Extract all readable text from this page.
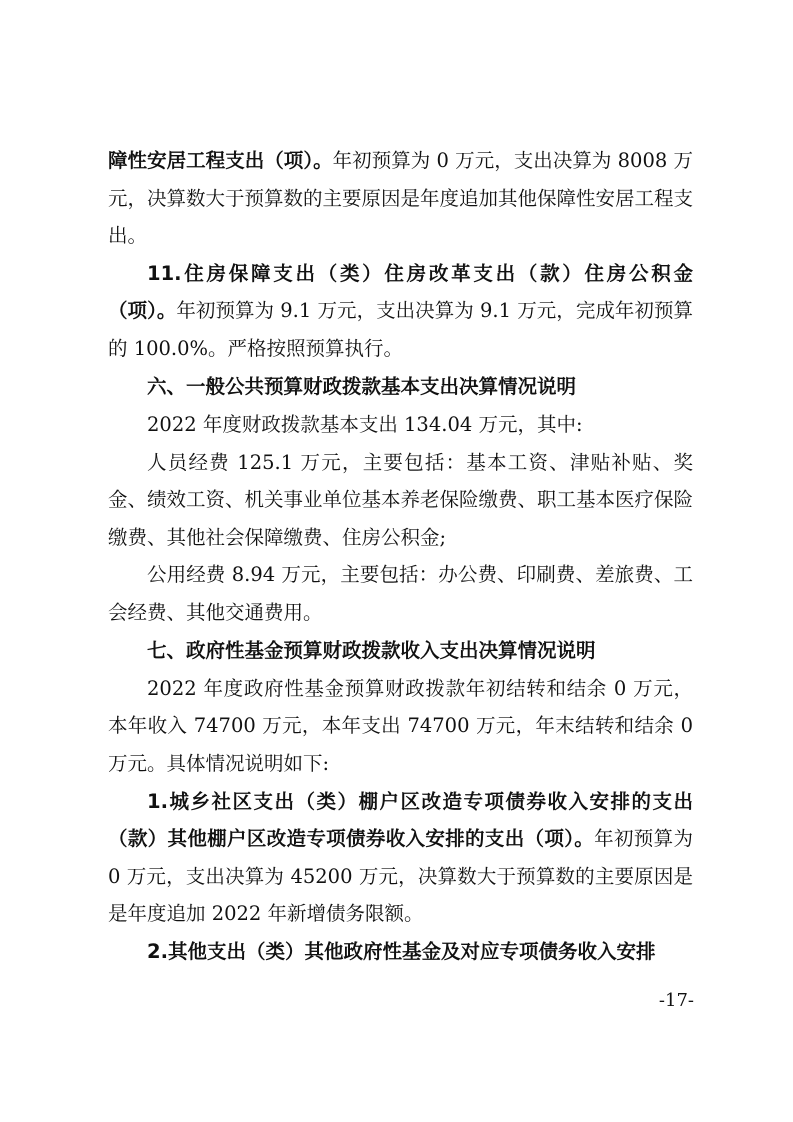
障性安居工程支出（项）。年初预算为 0 万元，支出决算为 8008 万元，决算数大于预算数的主要原因是年度追加其他保障性安居工程支出。

11.住房保障支出（类）住房改革支出（款）住房公积金（项）。年初预算为 9.1 万元，支出决算为 9.1 万元，完成年初预算的 100.0%。严格按照预算执行。

六、一般公共预算财政拨款基本支出决算情况说明

2022 年度财政拨款基本支出 134.04 万元，其中:

人员经费 125.1 万元，主要包括：基本工资、津贴补贴、奖金、绩效工资、机关事业单位基本养老保险缴费、职工基本医疗保险缴费、其他社会保障缴费、住房公积金;

公用经费 8.94 万元，主要包括：办公费、印刷费、差旅费、工会经费、其他交通费用。

七、政府性基金预算财政拨款收入支出决算情况说明

2022 年度政府性基金预算财政拨款年初结转和结余 0 万元，本年收入 74700 万元，本年支出 74700 万元，年末结转和结余 0 万元。具体情况说明如下:

1.城乡社区支出（类）棚户区改造专项债券收入安排的支出（款）其他棚户区改造专项债券收入安排的支出（项）。年初预算为 0 万元，支出决算为 45200 万元，决算数大于预算数的主要原因是是年度追加 2022 年新增债务限额。

2.其他支出（类）其他政府性基金及对应专项债务收入安排

-17-
